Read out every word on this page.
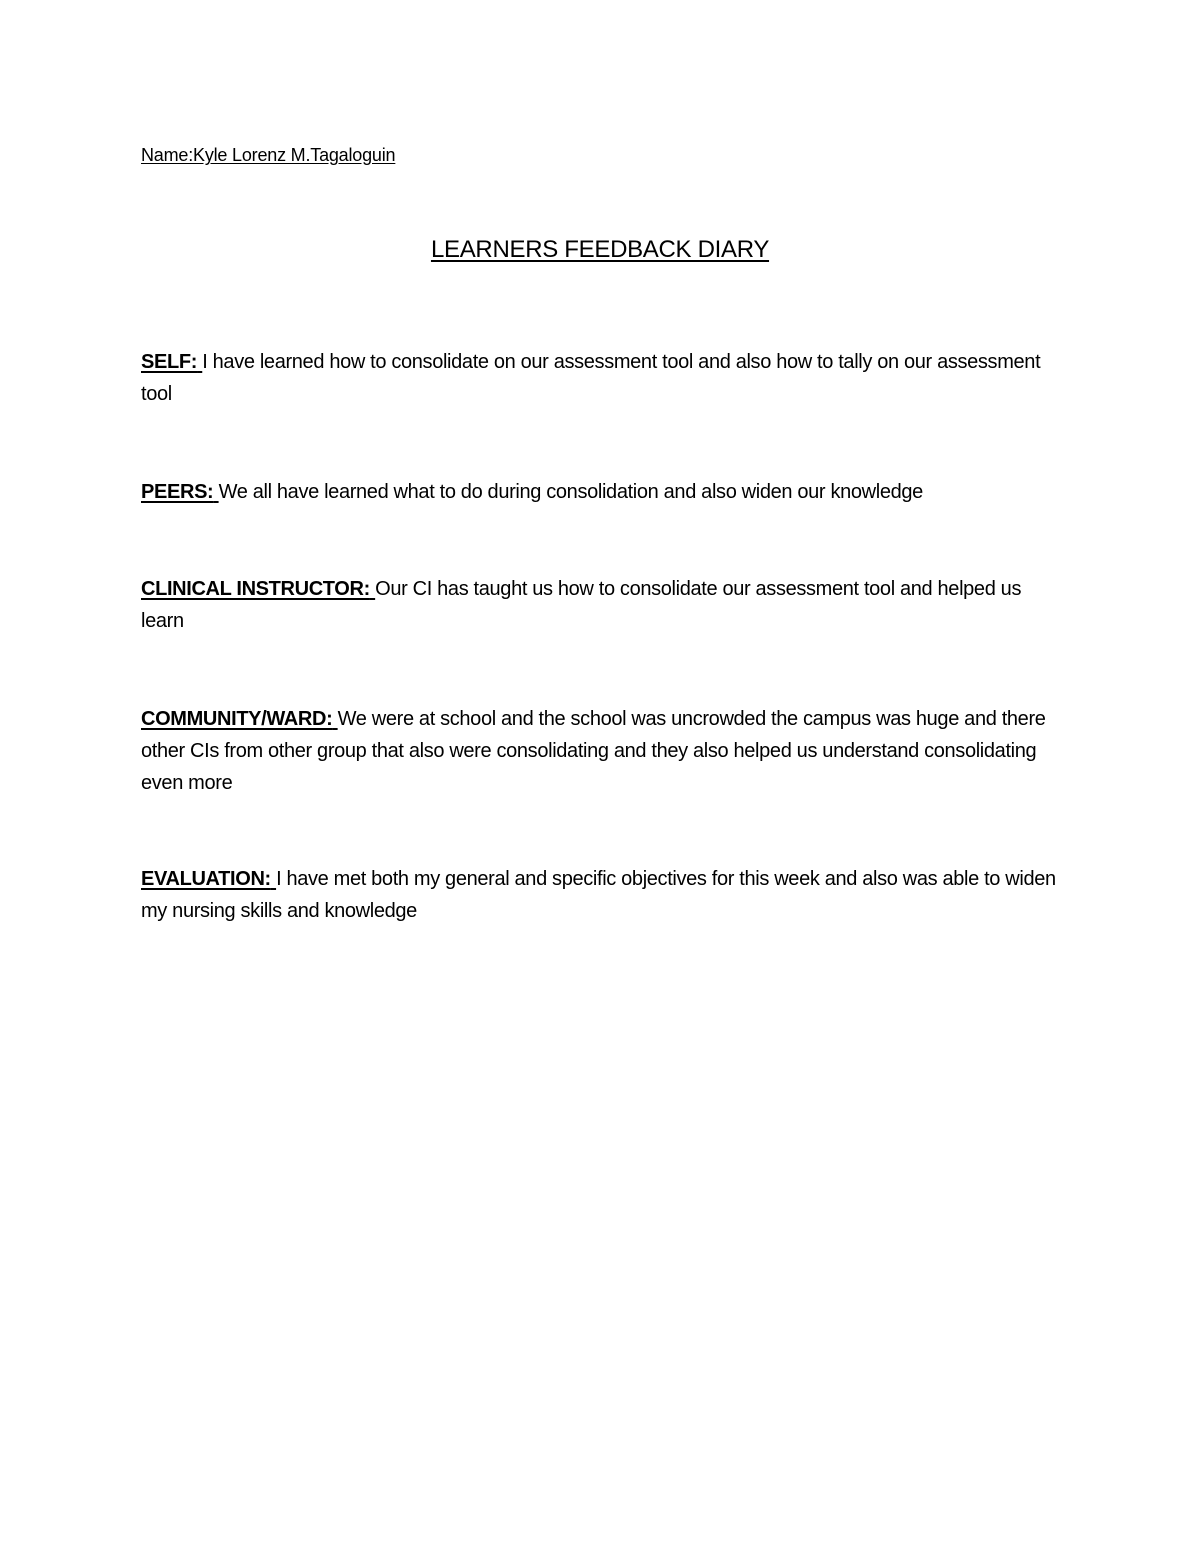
Name:Kyle Lorenz M.Tagaloguin
LEARNERS FEEDBACK DIARY
SELF: I have learned how to consolidate on our assessment tool and also how to tally on our assessment tool
PEERS: We all have learned what to do during consolidation and also widen our knowledge
CLINICAL INSTRUCTOR: Our CI has taught us how to consolidate our assessment tool and helped us learn
COMMUNITY/WARD: We were at school and the school was uncrowded the campus was huge and there other CIs from other group that also were consolidating and they also helped us understand consolidating even more
EVALUATION: I have met both my general and specific objectives for this week and also was able to widen my nursing skills and knowledge
